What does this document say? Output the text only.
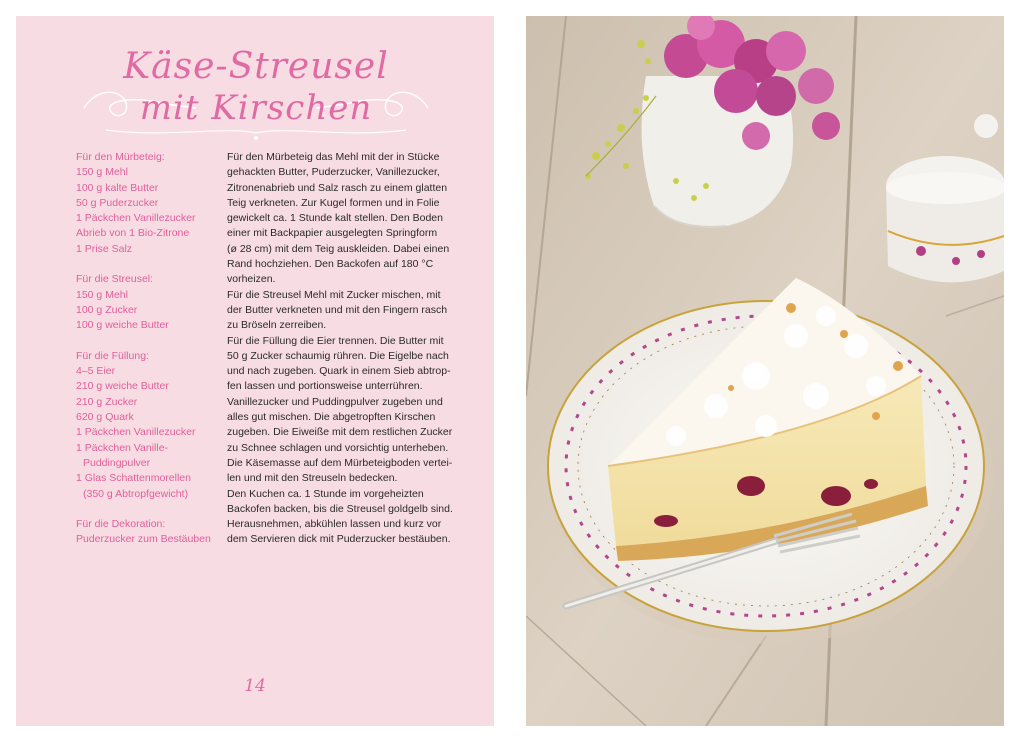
Käse-Streusel
mit Kirschen
Für den Mürbeteig:
150 g Mehl
100 g kalte Butter
50 g Puderzucker
1 Päckchen Vanillezucker
Abrieb von 1 Bio-Zitrone
1 Prise Salz
Für die Streusel:
150 g Mehl
100 g Zucker
100 g weiche Butter
Für die Füllung:
4–5 Eier
210 g weiche Butter
210 g Zucker
620 g Quark
1 Päckchen Vanillezucker
1 Päckchen Vanille-
Puddingpulver
1 Glas Schattenmorellen
(350 g Abtropfgewicht)
Für die Dekoration:
Puderzucker zum Bestäuben
Für den Mürbeteig das Mehl mit der in Stücke
gehackten Butter, Puderzucker, Vanillezucker,
Zitronenabrieb und Salz rasch zu einem glatten
Teig verkneten. Zur Kugel formen und in Folie
gewickelt ca. 1 Stunde kalt stellen. Den Boden
einer mit Backpapier ausgelegten Springform
(ø 28 cm) mit dem Teig auskleiden. Dabei einen
Rand hochziehen. Den Backofen auf 180 °C
vorheizen.
Für die Streusel Mehl mit Zucker mischen, mit
der Butter verkneten und mit den Fingern rasch
zu Bröseln zerreiben.
Für die Füllung die Eier trennen. Die Butter mit
50 g Zucker schaumig rühren. Die Eigelbe nach
und nach zugeben. Quark in einem Sieb abtrop-
fen lassen und portionsweise unterrühren.
Vanillezucker und Puddingpulver zugeben und
alles gut mischen. Die abgetropften Kirschen
zugeben. Die Eiweiße mit dem restlichen Zucker
zu Schnee schlagen und vorsichtig unterheben.
Die Käsemasse auf dem Mürbeteigboden vertei-
len und mit den Streuseln bedecken.
Den Kuchen ca. 1 Stunde im vorgeheizten
Backofen backen, bis die Streusel goldgelb sind.
Herausnehmen, abkühlen lassen und kurz vor
dem Servieren dick mit Puderzucker bestäuben.
14
